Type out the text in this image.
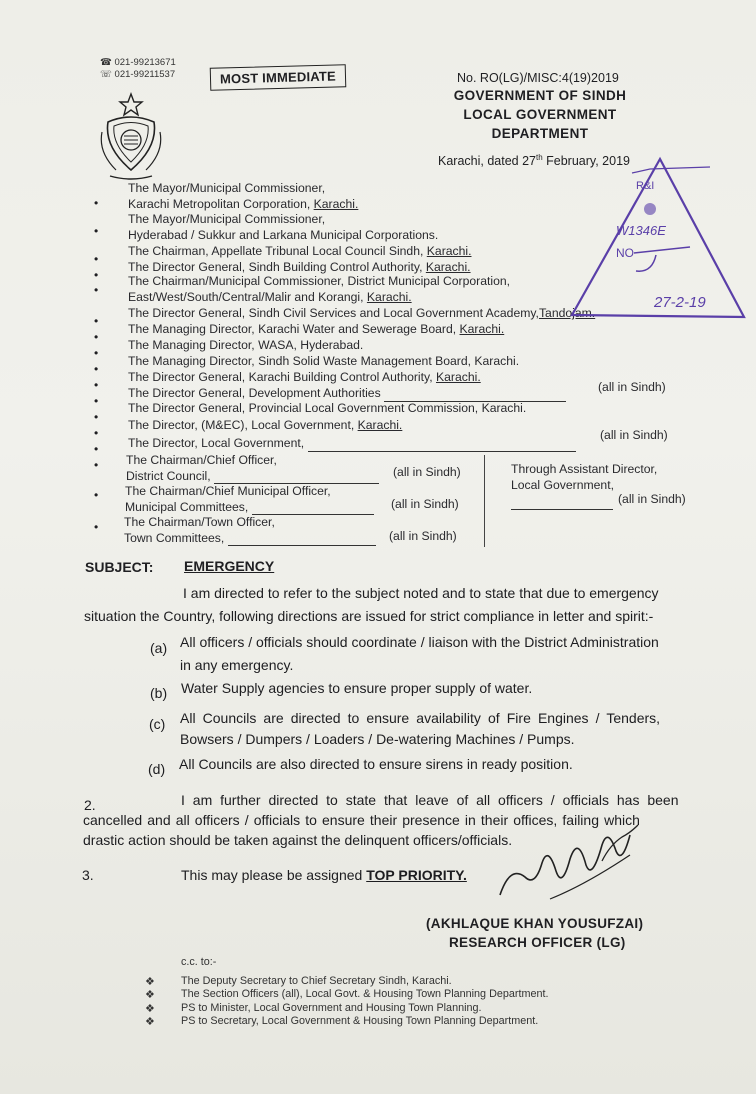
☎ 021-99213671
☏ 021-99211537	MOST IMMEDIATE	No. RO(LG)/MISC:4(19)2019
GOVERNMENT OF SINDH
LOCAL GOVERNMENT
DEPARTMENT
Karachi, dated 27th February, 2019
•
The Mayor/Municipal Commissioner,
Karachi Metropolitan Corporation, Karachi.
•
The Mayor/Municipal Commissioner,
Hyderabad / Sukkur and Larkana Municipal Corporations.
•
The Chairman, Appellate Tribunal Local Council Sindh, Karachi.
•
The Director General, Sindh Building Control Authority, Karachi.
•
The Chairman/Municipal Commissioner, District Municipal Corporation,
East/West/South/Central/Malir and Korangi, Karachi.
•
The Director General, Sindh Civil Services and Local Government Academy,Tandojam.
•
The Managing Director, Karachi Water and Sewerage Board, Karachi.
•
The Managing Director, WASA, Hyderabad.
•
The Managing Director, Sindh Solid Waste Management Board, Karachi.
•
The Director General, Karachi Building Control Authority, Karachi.
•
The Director General, Development Authorities	(all in Sindh)
•
The Director General, Provincial Local Government Commission, Karachi.
•
The Director, (M&EC), Local Government, Karachi.
• The Director, Local Government,
(all in Sindh)
• The Chairman/Chief Officer,
District Council,	(all in Sindh)
• The Chairman/Chief Municipal Officer,
Municipal Committees,	(all in Sindh)
• The Chairman/Town Officer,
Town Committees,	(all in Sindh)
Through Assistant Director,
Local Government,
(all in Sindh)
SUBJECT: EMERGENCY
I am directed to refer to the subject noted and to state that due to emergency
situation the Country, following directions are issued for strict compliance in letter and spirit:-
(a) All officers / officials should coordinate / liaison with the District Administration
in any emergency.
(b) Water Supply agencies to ensure proper supply of water.
(c) All Councils are directed to ensure availability of Fire Engines / Tenders,
Bowsers / Dumpers / Loaders / De-watering Machines / Pumps.
(d) All Councils are also directed to ensure sirens in ready position.
2.	I am further directed to state that leave of all officers / officials has been
cancelled and all officers / officials to ensure their presence in their offices, failing which
drastic action should be taken against the delinquent officers/officials.
3.	This may please be assigned TOP PRIORITY.
(AKHLAQUE KHAN YOUSUFZAI)
RESEARCH OFFICER (LG)
c.c. to:-
❖ The Deputy Secretary to Chief Secretary Sindh, Karachi.
❖ The Section Officers (all), Local Govt. & Housing Town Planning Department.
❖ PS to Minister, Local Government and Housing Town Planning.
❖ PS to Secretary, Local Government & Housing Town Planning Department.
R&I
W1346E
NO
27-2-19
